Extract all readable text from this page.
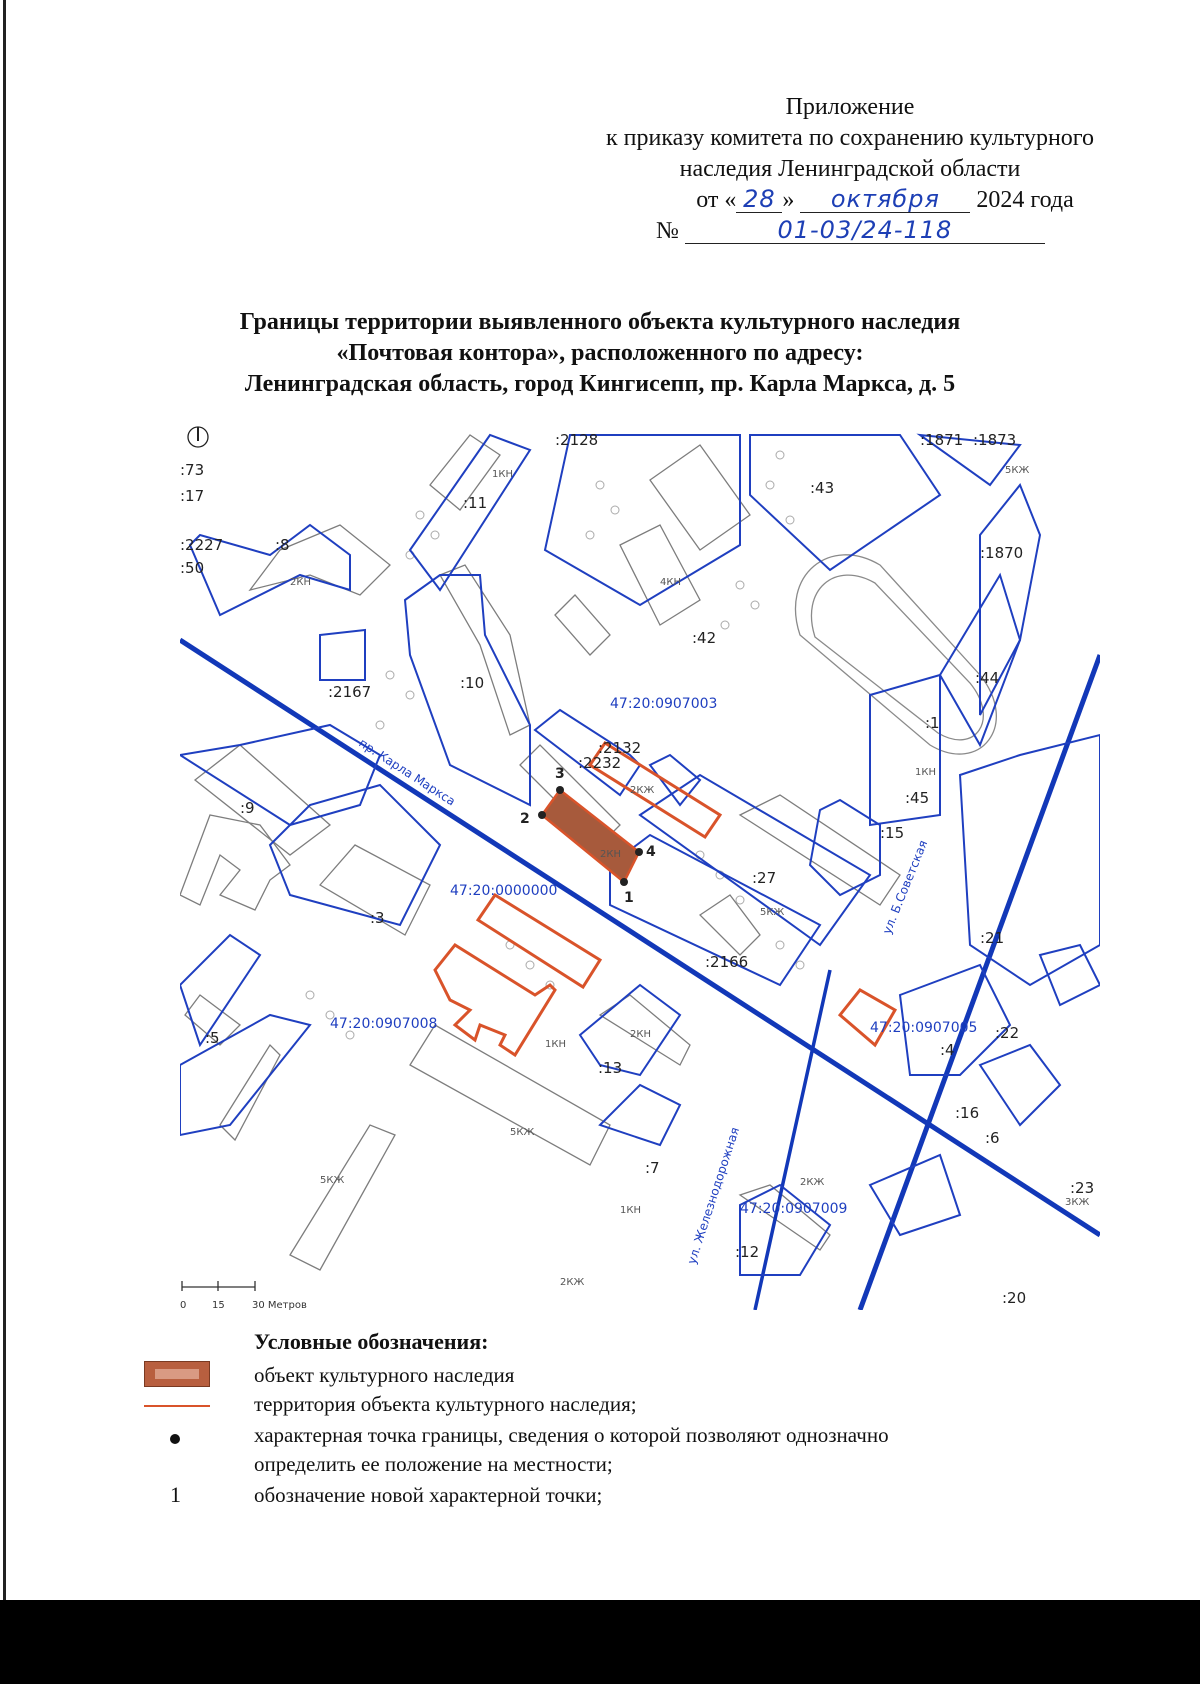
Приложение
к приказу комитета по сохранению культурного
наследия Ленинградской области
от « 28 » октября 2024 года
№	01-03/24-118
Границы территории выявленного объекта культурного наследия
«Почтовая контора», расположенного по адресу:
Ленинградская область, город Кингисепп, пр. Карла Маркса, д. 5
3
2
4
1
47:20:0907003
47:20:0000000
47:20:0907008	47:20:0907005
47:20:0907009
:2128
:11
:1871 :1873
:43
:1870
:17
:2227	:8
:50
:42
:10
:2167
:44
:2132
:2232
:45
:15
:9
:27
:3
:21
:2166
:22
:4
:5
:13
:16
:6
:7
:23
:12
:20
:73
:1
1КН	5КЖ
2КН	4КН
2КЖ
1КН
2КН
5КЖ
1КН
2КН
1КН
5КЖ
5КЖ	2КЖ
3КЖ
2КЖ
пр. Карла Маркса
ул. Б.Советская
ул. Железнодорожная
0	15	30 Метров
Условные обозначения:
объект культурного наследия
территория объекта культурного наследия;
характерная точка границы, сведения о которой позволяют однозначно
определить ее положение на местности;
1	обозначение новой характерной точки;
